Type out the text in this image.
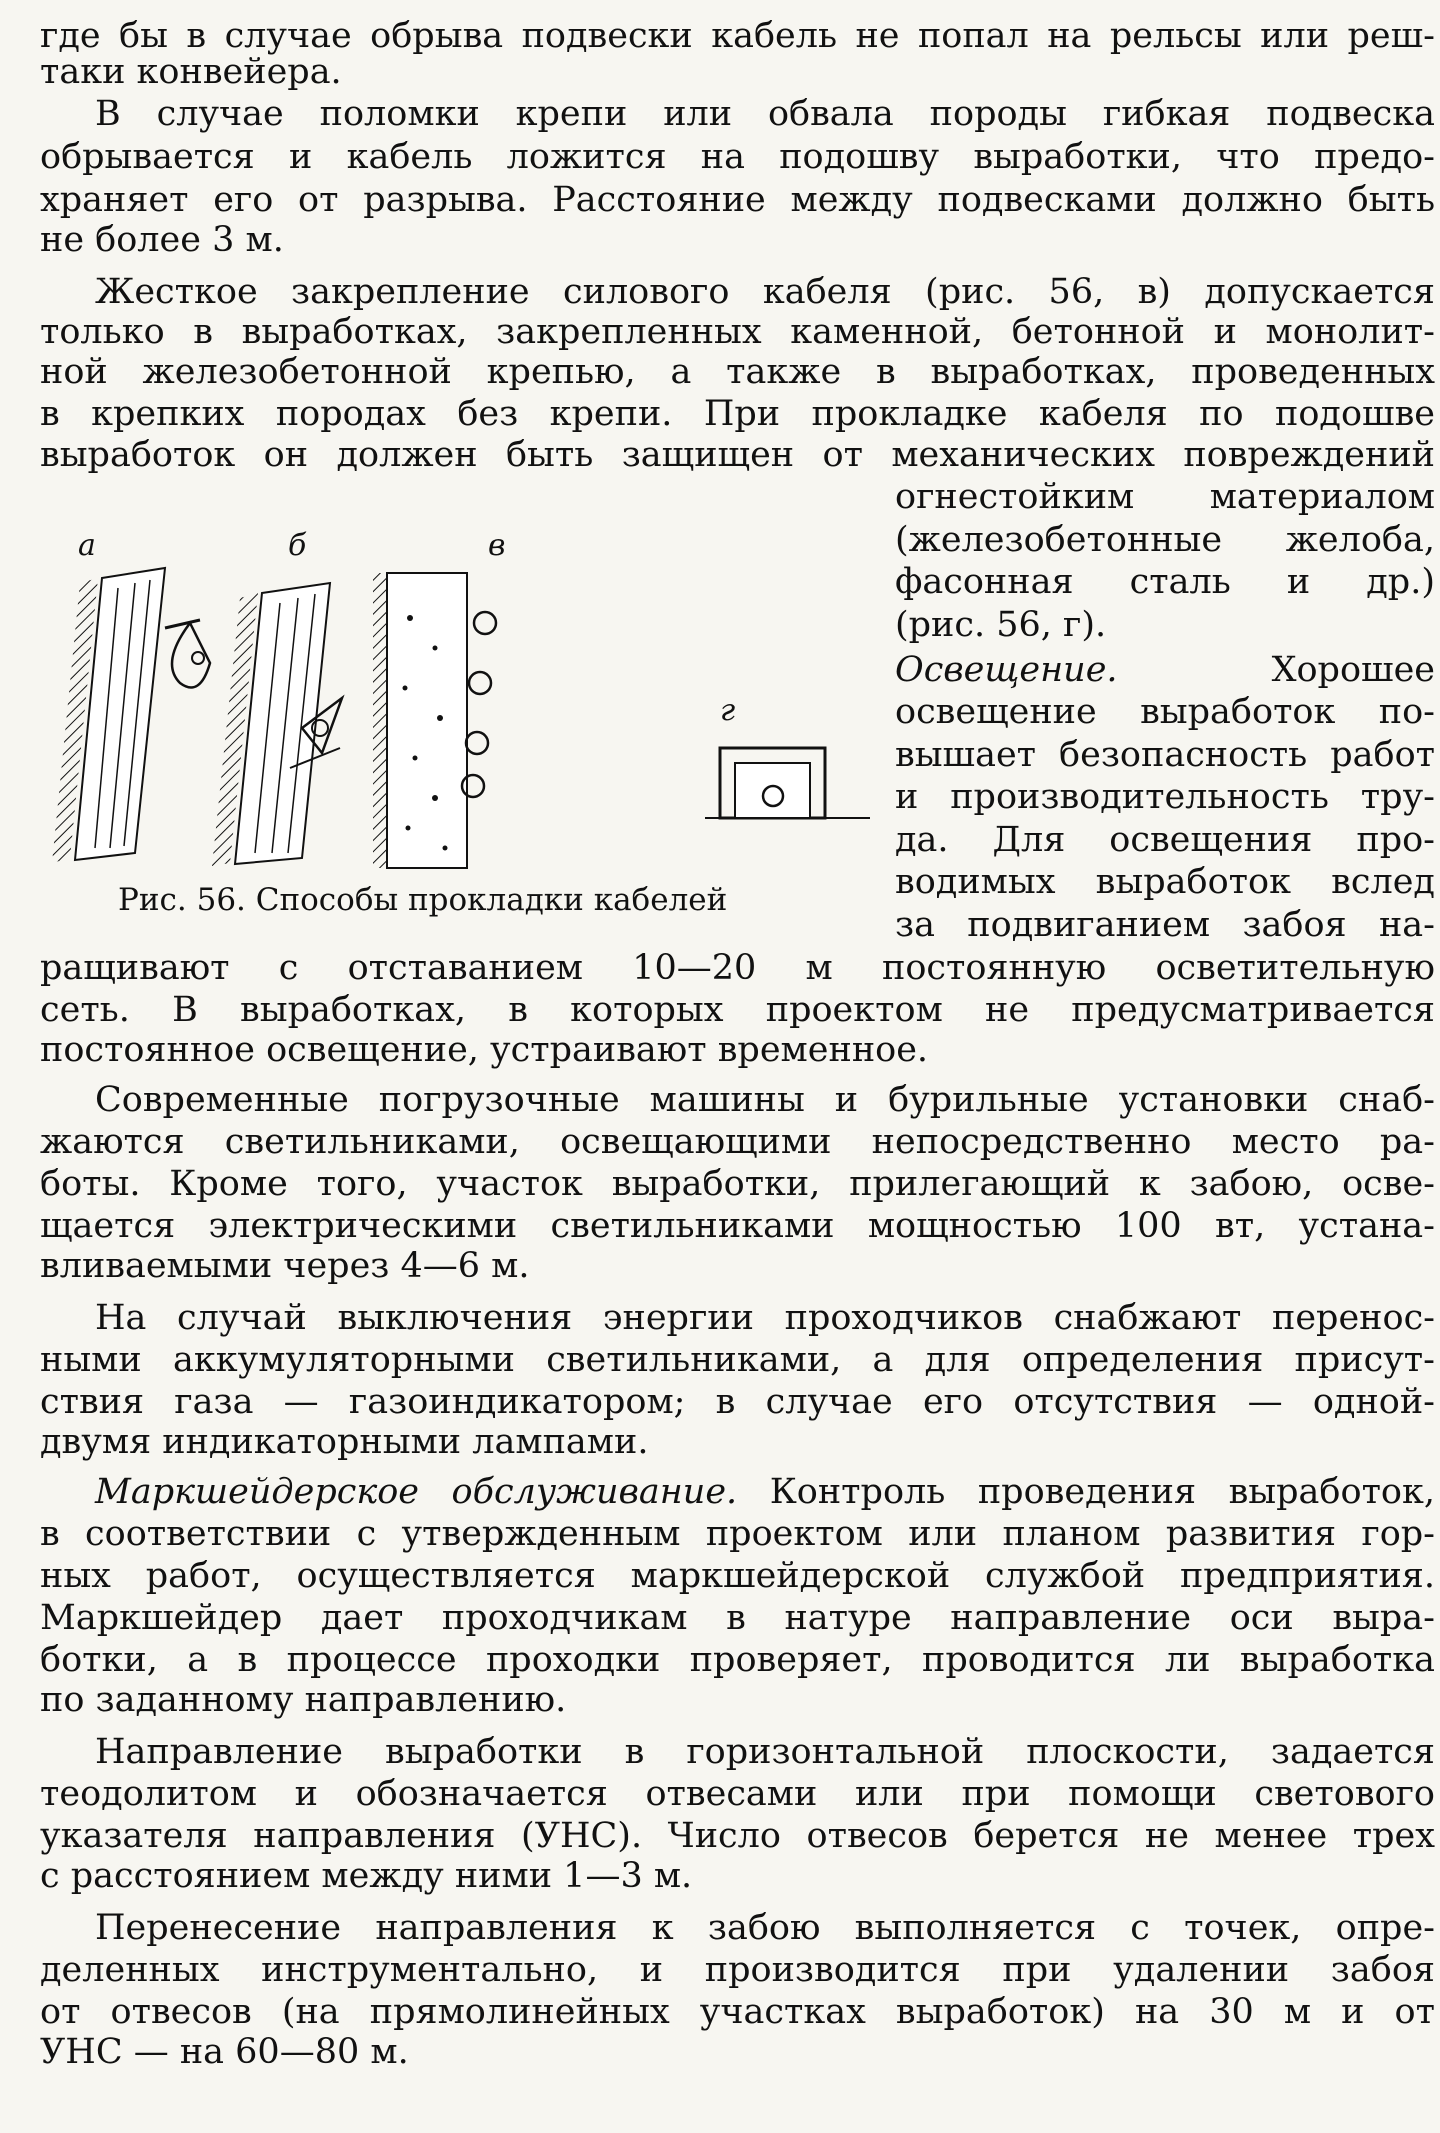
где бы в случае обрыва подвески кабель не попал на рельсы или реш-
таки конвейера.
В случае поломки крепи или обвала породы гибкая подвеска
обрывается и кабель ложится на подошву выработки, что предо-
храняет его от разрыва. Расстояние между подвесками должно быть
не более 3 м.
Жесткое закрепление силового кабеля (рис. 56, в) допускается
только в выработках, закрепленных каменной, бетонной и монолит-
ной железобетонной крепью, а также в выработках, проведенных
в крепких породах без крепи. При прокладке кабеля по подошве
выработок он должен быть защищен от механических повреждений
огнестойким материалом
(железобетонные желоба,
фасонная сталь и др.)
(рис. 56, г).
Освещение. Хорошее
освещение выработок по-
вышает безопасность работ
и производительность тру-
да. Для освещения про-
водимых выработок вслед
за подвиганием забоя на-
а	б	в
г
Рис. 56. Способы прокладки кабелей
ращивают с отставанием 10—20 м постоянную осветительную
сеть. В выработках, в которых проектом не предусматривается
постоянное освещение, устраивают временное.
Современные погрузочные машины и бурильные установки снаб-
жаются светильниками, освещающими непосредственно место ра-
боты. Кроме того, участок выработки, прилегающий к забою, осве-
щается электрическими светильниками мощностью 100 вт, устана-
вливаемыми через 4—6 м.
На случай выключения энергии проходчиков снабжают перенос-
ными аккумуляторными светильниками, а для определения присут-
ствия газа — газоиндикатором; в случае его отсутствия — одной-
двумя индикаторными лампами.
Маркшейдерское обслуживание. Контроль проведения выработок,
в соответствии с утвержденным проектом или планом развития гор-
ных работ, осуществляется маркшейдерской службой предприятия.
Маркшейдер дает проходчикам в натуре направление оси выра-
ботки, а в процессе проходки проверяет, проводится ли выработка
по заданному направлению.
Направление выработки в горизонтальной плоскости, задается
теодолитом и обозначается отвесами или при помощи светового
указателя направления (УНС). Число отвесов берется не менее трех
с расстоянием между ними 1—3 м.
Перенесение направления к забою выполняется с точек, опре-
деленных инструментально, и производится при удалении забоя
от отвесов (на прямолинейных участках выработок) на 30 м и от
УНС — на 60—80 м.
